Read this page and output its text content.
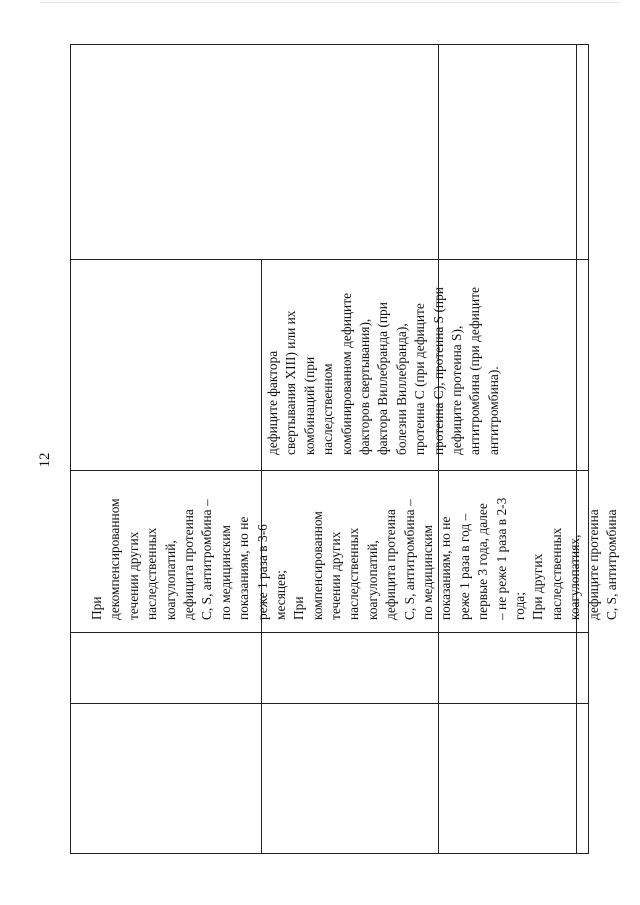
12
При декомпенсированном течении других наследственных коагулопатий, дефицита протеина C, S, антитромбина – по медицинским показаниям, но не реже 1 раза в 3-6 месяцев; При компенсированном течении других наследственных коагулопатий, дефицита протеина C, S, антитромбина – по медицинским показаниям, но не реже 1 раза в год – первые 3 года, далее – не реже 1 раза в 2-3 года; При других наследственных коагулопатиях, дефиците протеина C, S, антитромбина
дефиците фактора свертывания XIII) или их комбинаций (при наследственном комбинированном дефиците факторов свертывания), фактора Виллебранда (при болезни Виллебранда), протеина C (при дефиците протеина C), протеина S (при дефиците протеина S), антитромбина (при дефиците антитромбина).
